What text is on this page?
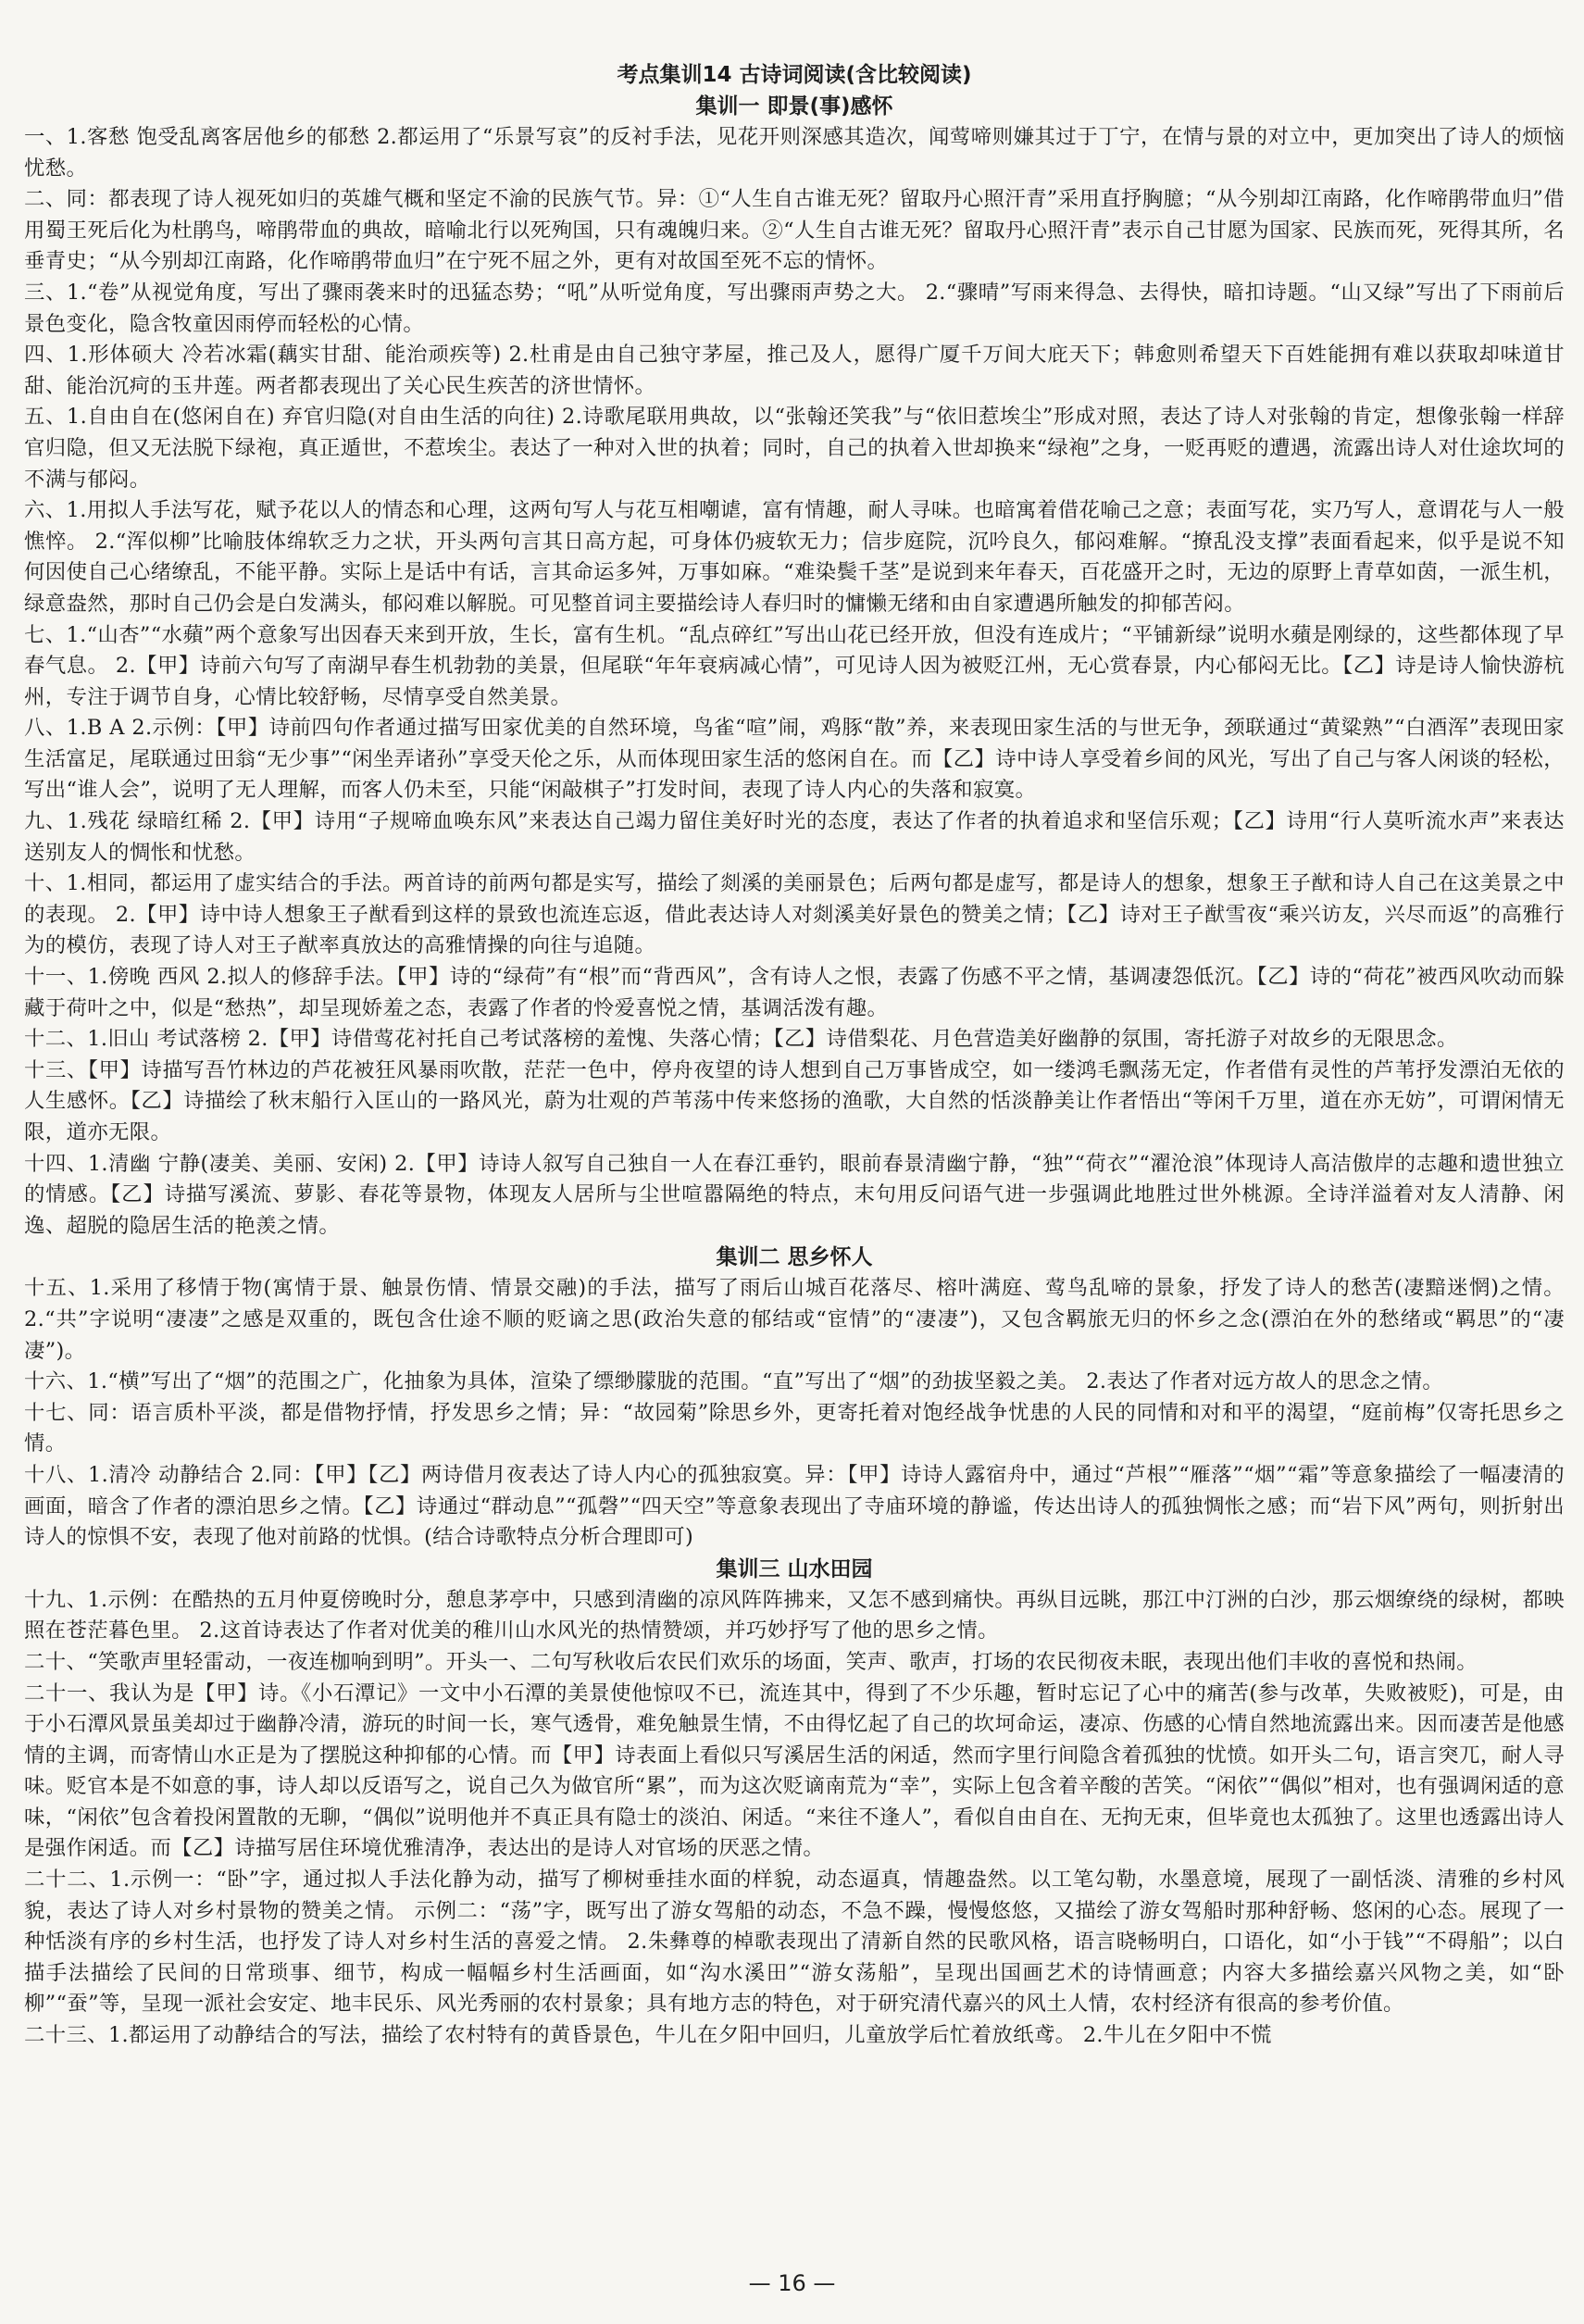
考点集训14 古诗词阅读(含比较阅读)
集训一 即景(事)感怀

一、1.客愁 饱受乱离客居他乡的郁愁 2.都运用了“乐景写哀”的反衬手法，见花开则深感其造次，闻莺啼则嫌其过于丁宁，在情与景的对立中，更加突出了诗人的烦恼忧愁。

二、同：都表现了诗人视死如归的英雄气概和坚定不渝的民族气节。异：①“人生自古谁无死？留取丹心照汗青”采用直抒胸臆；“从今别却江南路，化作啼鹃带血归”借用蜀王死后化为杜鹃鸟，啼鹃带血的典故，暗喻北行以死殉国，只有魂魄归来。②“人生自古谁无死？留取丹心照汗青”表示自己甘愿为国家、民族而死，死得其所，名垂青史；“从今别却江南路，化作啼鹃带血归”在宁死不屈之外，更有对故国至死不忘的情怀。

三、1.“卷”从视觉角度，写出了骤雨袭来时的迅猛态势；“吼”从听觉角度，写出骤雨声势之大。 2.“骤晴”写雨来得急、去得快，暗扣诗题。“山又绿”写出了下雨前后景色变化，隐含牧童因雨停而轻松的心情。

四、1.形体硕大 冷若冰霜(藕实甘甜、能治顽疾等) 2.杜甫是由自己独守茅屋，推己及人，愿得广厦千万间大庇天下；韩愈则希望天下百姓能拥有难以获取却味道甘甜、能治沉疴的玉井莲。两者都表现出了关心民生疾苦的济世情怀。

五、1.自由自在(悠闲自在) 弃官归隐(对自由生活的向往) 2.诗歌尾联用典故，以“张翰还笑我”与“依旧惹埃尘”形成对照，表达了诗人对张翰的肯定，想像张翰一样辞官归隐，但又无法脱下绿袍，真正遁世，不惹埃尘。表达了一种对入世的执着；同时，自己的执着入世却换来“绿袍”之身，一贬再贬的遭遇，流露出诗人对仕途坎坷的不满与郁闷。

六、1.用拟人手法写花，赋予花以人的情态和心理，这两句写人与花互相嘲谑，富有情趣，耐人寻味。也暗寓着借花喻己之意；表面写花，实乃写人，意谓花与人一般憔悴。 2.“浑似柳”比喻肢体绵软乏力之状，开头两句言其日高方起，可身体仍疲软无力；信步庭院，沉吟良久，郁闷难解。“撩乱没支撑”表面看起来，似乎是说不知何因使自己心绪缭乱，不能平静。实际上是话中有话，言其命运多舛，万事如麻。“难染鬓千茎”是说到来年春天，百花盛开之时，无边的原野上青草如茵，一派生机，绿意盎然，那时自己仍会是白发满头，郁闷难以解脱。可见整首词主要描绘诗人春归时的慵懒无绪和由自家遭遇所触发的抑郁苦闷。

七、1.“山杏”“水蘋”两个意象写出因春天来到开放，生长，富有生机。“乱点碎红”写出山花已经开放，但没有连成片；“平铺新绿”说明水蘋是刚绿的，这些都体现了早春气息。 2.【甲】诗前六句写了南湖早春生机勃勃的美景，但尾联“年年衰病减心情”，可见诗人因为被贬江州，无心赏春景，内心郁闷无比。【乙】诗是诗人愉快游杭州，专注于调节自身，心情比较舒畅，尽情享受自然美景。

八、1.B A 2.示例：【甲】诗前四句作者通过描写田家优美的自然环境，鸟雀“喧”闹，鸡豚“散”养，来表现田家生活的与世无争，颈联通过“黄粱熟”“白酒浑”表现田家生活富足，尾联通过田翁“无少事”“闲坐弄诸孙”享受天伦之乐，从而体现田家生活的悠闲自在。而【乙】诗中诗人享受着乡间的风光，写出了自己与客人闲谈的轻松，写出“谁人会”，说明了无人理解，而客人仍未至，只能“闲敲棋子”打发时间，表现了诗人内心的失落和寂寞。

九、1.残花 绿暗红稀 2.【甲】诗用“子规啼血唤东风”来表达自己竭力留住美好时光的态度，表达了作者的执着追求和坚信乐观；【乙】诗用“行人莫听流水声”来表达送别友人的惆怅和忧愁。

十、1.相同，都运用了虚实结合的手法。两首诗的前两句都是实写，描绘了剡溪的美丽景色；后两句都是虚写，都是诗人的想象，想象王子猷和诗人自己在这美景之中的表现。 2.【甲】诗中诗人想象王子猷看到这样的景致也流连忘返，借此表达诗人对剡溪美好景色的赞美之情；【乙】诗对王子猷雪夜“乘兴访友，兴尽而返”的高雅行为的模仿，表现了诗人对王子猷率真放达的高雅情操的向往与追随。

十一、1.傍晚 西风 2.拟人的修辞手法。【甲】诗的“绿荷”有“根”而“背西风”，含有诗人之恨，表露了伤感不平之情，基调凄怨低沉。【乙】诗的“荷花”被西风吹动而躲藏于荷叶之中，似是“愁热”，却呈现娇羞之态，表露了作者的怜爱喜悦之情，基调活泼有趣。

十二、1.旧山 考试落榜 2.【甲】诗借莺花衬托自己考试落榜的羞愧、失落心情；【乙】诗借梨花、月色营造美好幽静的氛围，寄托游子对故乡的无限思念。

十三、【甲】诗描写吾竹林边的芦花被狂风暴雨吹散，茫茫一色中，停舟夜望的诗人想到自己万事皆成空，如一缕鸿毛飘荡无定，作者借有灵性的芦苇抒发漂泊无依的人生感怀。【乙】诗描绘了秋末船行入匡山的一路风光，蔚为壮观的芦苇荡中传来悠扬的渔歌，大自然的恬淡静美让作者悟出“等闲千万里，道在亦无妨”，可谓闲情无限，道亦无限。

十四、1.清幽 宁静(凄美、美丽、安闲) 2.【甲】诗诗人叙写自己独自一人在春江垂钓，眼前春景清幽宁静，“独”“荷衣”“濯沧浪”体现诗人高洁傲岸的志趣和遗世独立的情感。【乙】诗描写溪流、萝影、春花等景物，体现友人居所与尘世喧嚣隔绝的特点，末句用反问语气进一步强调此地胜过世外桃源。全诗洋溢着对友人清静、闲逸、超脱的隐居生活的艳羡之情。

集训二 思乡怀人

十五、1.采用了移情于物(寓情于景、触景伤情、情景交融)的手法，描写了雨后山城百花落尽、榕叶满庭、莺鸟乱啼的景象，抒发了诗人的愁苦(凄黯迷惘)之情。 2.“共”字说明“凄凄”之感是双重的，既包含仕途不顺的贬谪之思(政治失意的郁结或“宦情”的“凄凄”)，又包含羁旅无归的怀乡之念(漂泊在外的愁绪或“羁思”的“凄凄”)。

十六、1.“横”写出了“烟”的范围之广，化抽象为具体，渲染了缥缈朦胧的范围。“直”写出了“烟”的劲拔坚毅之美。 2.表达了作者对远方故人的思念之情。

十七、同：语言质朴平淡，都是借物抒情，抒发思乡之情；异：“故园菊”除思乡外，更寄托着对饱经战争忧患的人民的同情和对和平的渴望，“庭前梅”仅寄托思乡之情。

十八、1.清冷 动静结合 2.同：【甲】【乙】两诗借月夜表达了诗人内心的孤独寂寞。异：【甲】诗诗人露宿舟中，通过“芦根”“雁落”“烟”“霜”等意象描绘了一幅凄清的画面，暗含了作者的漂泊思乡之情。【乙】诗通过“群动息”“孤磬”“四天空”等意象表现出了寺庙环境的静谧，传达出诗人的孤独惆怅之感；而“岩下风”两句，则折射出诗人的惊惧不安，表现了他对前路的忧惧。(结合诗歌特点分析合理即可)

集训三 山水田园

十九、1.示例：在酷热的五月仲夏傍晚时分，憩息茅亭中，只感到清幽的凉风阵阵拂来，又怎不感到痛快。再纵目远眺，那江中汀洲的白沙，那云烟缭绕的绿树，都映照在苍茫暮色里。 2.这首诗表达了作者对优美的稚川山水风光的热情赞颂，并巧妙抒写了他的思乡之情。

二十、“笑歌声里轻雷动，一夜连枷响到明”。开头一、二句写秋收后农民们欢乐的场面，笑声、歌声，打场的农民彻夜未眠，表现出他们丰收的喜悦和热闹。

二十一、我认为是【甲】诗。《小石潭记》一文中小石潭的美景使他惊叹不已，流连其中，得到了不少乐趣，暂时忘记了心中的痛苦(参与改革，失败被贬)，可是，由于小石潭风景虽美却过于幽静冷清，游玩的时间一长，寒气透骨，难免触景生情，不由得忆起了自己的坎坷命运，凄凉、伤感的心情自然地流露出来。因而凄苦是他感情的主调，而寄情山水正是为了摆脱这种抑郁的心情。而【甲】诗表面上看似只写溪居生活的闲适，然而字里行间隐含着孤独的忧愤。如开头二句，语言突兀，耐人寻味。贬官本是不如意的事，诗人却以反语写之，说自己久为做官所“累”，而为这次贬谪南荒为“幸”，实际上包含着辛酸的苦笑。“闲依”“偶似”相对，也有强调闲适的意味，“闲依”包含着投闲置散的无聊，“偶似”说明他并不真正具有隐士的淡泊、闲适。“来往不逢人”，看似自由自在、无拘无束，但毕竟也太孤独了。这里也透露出诗人是强作闲适。而【乙】诗描写居住环境优雅清净，表达出的是诗人对官场的厌恶之情。

二十二、1.示例一：“卧”字，通过拟人手法化静为动，描写了柳树垂挂水面的样貌，动态逼真，情趣盎然。以工笔勾勒，水墨意境，展现了一副恬淡、清雅的乡村风貌，表达了诗人对乡村景物的赞美之情。 示例二：“荡”字，既写出了游女驾船的动态，不急不躁，慢慢悠悠，又描绘了游女驾船时那种舒畅、悠闲的心态。展现了一种恬淡有序的乡村生活，也抒发了诗人对乡村生活的喜爱之情。 2.朱彝尊的棹歌表现出了清新自然的民歌风格，语言晓畅明白，口语化，如“小于钱”“不碍船”；以白描手法描绘了民间的日常琐事、细节，构成一幅幅乡村生活画面，如“沟水溪田”“游女荡船”，呈现出国画艺术的诗情画意；内容大多描绘嘉兴风物之美，如“卧柳”“蚕”等，呈现一派社会安定、地丰民乐、风光秀丽的农村景象；具有地方志的特色，对于研究清代嘉兴的风土人情，农村经济有很高的参考价值。

二十三、1.都运用了动静结合的写法，描绘了农村特有的黄昏景色，牛儿在夕阳中回归，儿童放学后忙着放纸鸢。 2.牛儿在夕阳中不慌

— 16 —
